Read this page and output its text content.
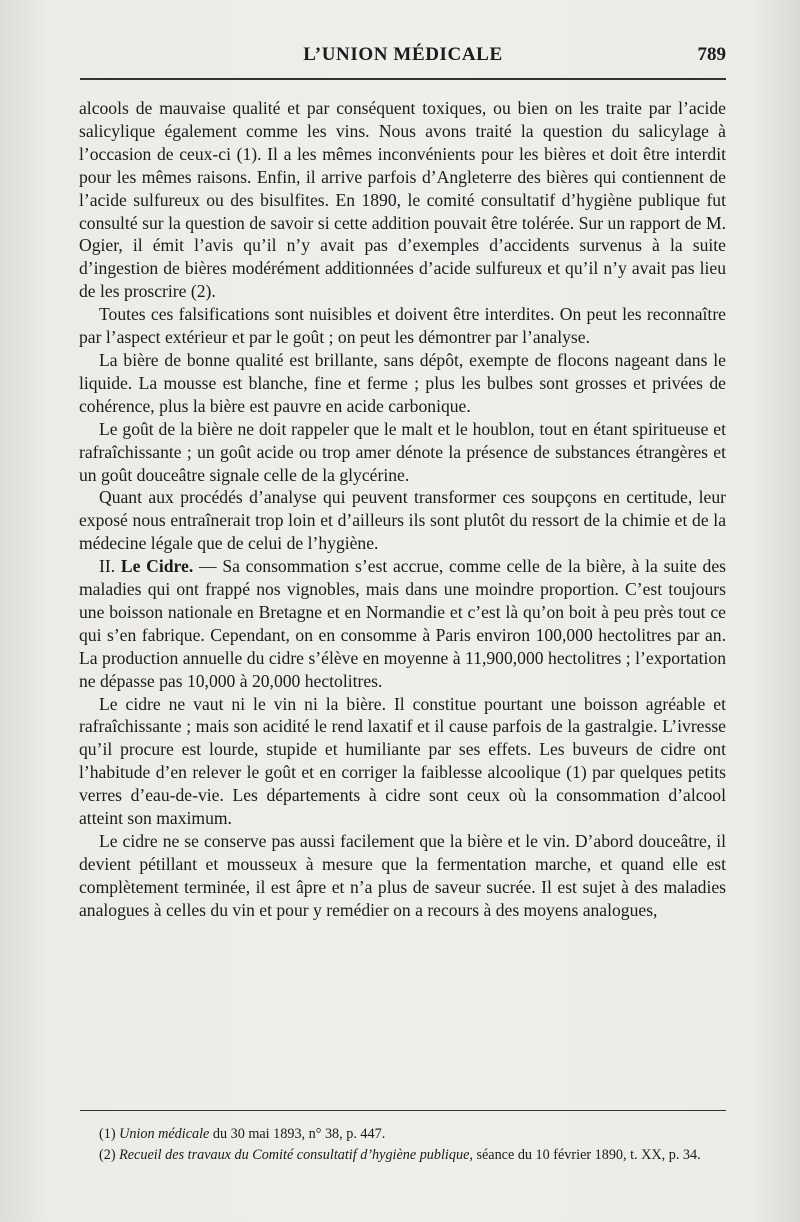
L’UNION MÉDICALE	789

alcools de mauvaise qualité et par conséquent toxiques, ou bien on les traite par l’acide salicylique également comme les vins. Nous avons traité la question du salicylage à l’occasion de ceux-ci (1). Il a les mêmes inconvénients pour les bières et doit être interdit pour les mêmes raisons. Enfin, il arrive parfois d’Angleterre des bières qui contiennent de l’acide sulfureux ou des bisulfites. En 1890, le comité consultatif d’hygiène publique fut consulté sur la question de savoir si cette addition pouvait être tolérée. Sur un rapport de M. Ogier, il émit l’avis qu’il n’y avait pas d’exemples d’accidents survenus à la suite d’ingestion de bières modérément additionnées d’acide sulfureux et qu’il n’y avait pas lieu de les proscrire (2).

Toutes ces falsifications sont nuisibles et doivent être interdites. On peut les reconnaître par l’aspect extérieur et par le goût ; on peut les démontrer par l’analyse.

La bière de bonne qualité est brillante, sans dépôt, exempte de flocons nageant dans le liquide. La mousse est blanche, fine et ferme ; plus les bulbes sont grosses et privées de cohérence, plus la bière est pauvre en acide carbonique.

Le goût de la bière ne doit rappeler que le malt et le houblon, tout en étant spiritueuse et rafraîchissante ; un goût acide ou trop amer dénote la présence de substances étrangères et un goût douceâtre signale celle de la glycérine.

Quant aux procédés d’analyse qui peuvent transformer ces soupçons en certitude, leur exposé nous entraînerait trop loin et d’ailleurs ils sont plutôt du ressort de la chimie et de la médecine légale que de celui de l’hygiène.

II. Le Cidre. — Sa consommation s’est accrue, comme celle de la bière, à la suite des maladies qui ont frappé nos vignobles, mais dans une moindre proportion. C’est toujours une boisson nationale en Bretagne et en Normandie et c’est là qu’on boit à peu près tout ce qui s’en fabrique. Cependant, on en consomme à Paris environ 100,000 hectolitres par an. La production annuelle du cidre s’élève en moyenne à 11,900,000 hectolitres ; l’exportation ne dépasse pas 10,000 à 20,000 hectolitres.

Le cidre ne vaut ni le vin ni la bière. Il constitue pourtant une boisson agréable et rafraîchissante ; mais son acidité le rend laxatif et il cause parfois de la gastralgie. L’ivresse qu’il procure est lourde, stupide et humiliante par ses effets. Les buveurs de cidre ont l’habitude d’en relever le goût et en corriger la faiblesse alcoolique (1) par quelques petits verres d’eau-de-vie. Les départements à cidre sont ceux où la consommation d’alcool atteint son maximum.

Le cidre ne se conserve pas aussi facilement que la bière et le vin. D’abord douceâtre, il devient pétillant et mousseux à mesure que la fermentation marche, et quand elle est complètement terminée, il est âpre et n’a plus de saveur sucrée. Il est sujet à des maladies analogues à celles du vin et pour y remédier on a recours à des moyens analogues,

(1) Union médicale du 30 mai 1893, n° 38, p. 447.

(2) Recueil des travaux du Comité consultatif d’hygiène publique, séance du 10 février 1890, t. XX, p. 34.
